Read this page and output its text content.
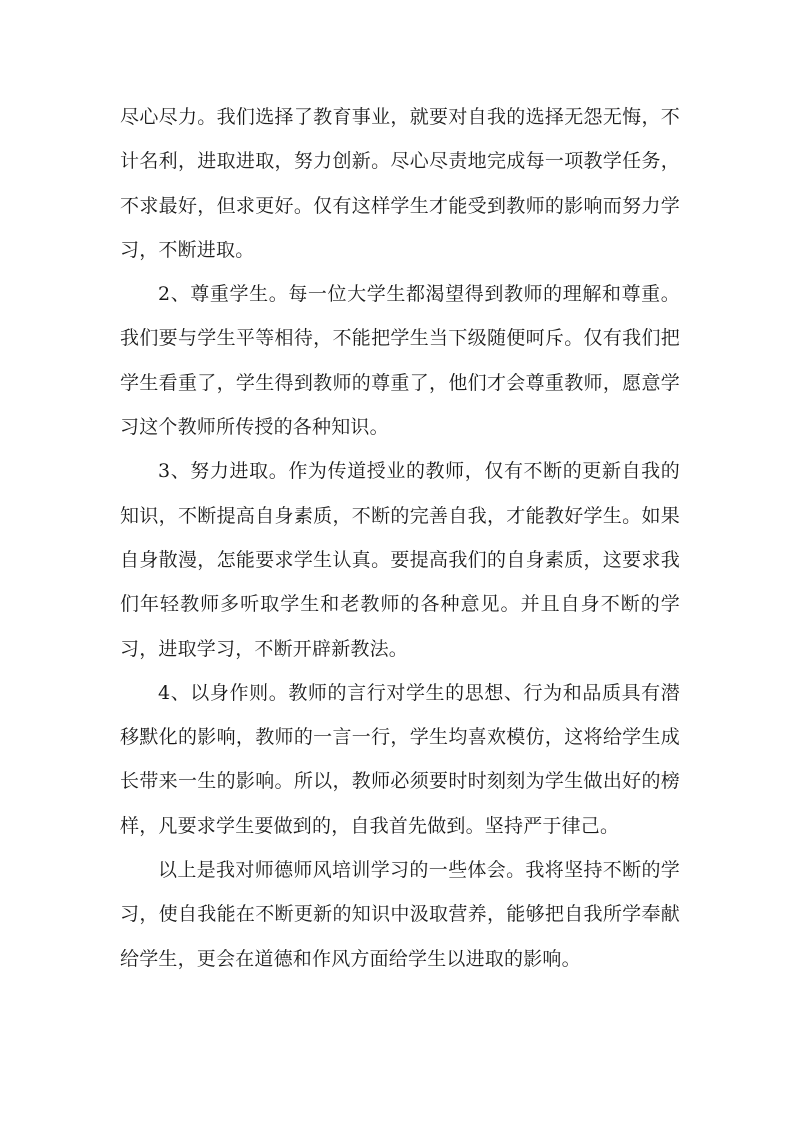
尽心尽力。我们选择了教育事业，就要对自我的选择无怨无悔，不计名利，进取进取，努力创新。尽心尽责地完成每一项教学任务，不求最好，但求更好。仅有这样学生才能受到教师的影响而努力学习，不断进取。

2、尊重学生。每一位大学生都渴望得到教师的理解和尊重。我们要与学生平等相待，不能把学生当下级随便呵斥。仅有我们把学生看重了，学生得到教师的尊重了，他们才会尊重教师，愿意学习这个教师所传授的各种知识。

3、努力进取。作为传道授业的教师，仅有不断的更新自我的知识，不断提高自身素质，不断的完善自我，才能教好学生。如果自身散漫，怎能要求学生认真。要提高我们的自身素质，这要求我们年轻教师多听取学生和老教师的各种意见。并且自身不断的学习，进取学习，不断开辟新教法。

4、以身作则。教师的言行对学生的思想、行为和品质具有潜移默化的影响，教师的一言一行，学生均喜欢模仿，这将给学生成长带来一生的影响。所以，教师必须要时时刻刻为学生做出好的榜样，凡要求学生要做到的，自我首先做到。坚持严于律己。

以上是我对师德师风培训学习的一些体会。我将坚持不断的学习，使自我能在不断更新的知识中汲取营养，能够把自我所学奉献给学生，更会在道德和作风方面给学生以进取的影响。
